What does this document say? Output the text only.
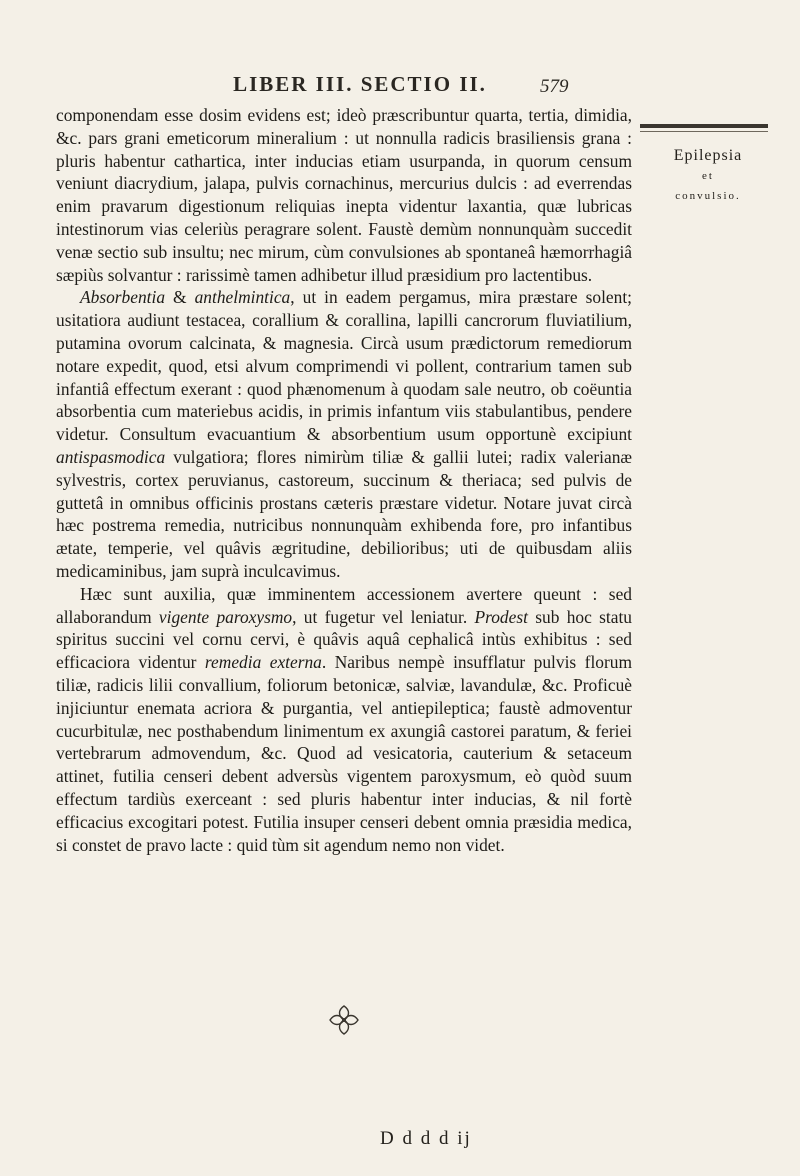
LIBER III. SECTIO II.	579
Epilepsia
et
convulsio.

componendam esse dosim evidens est; ideò præscribuntur quarta, tertia, dimidia, &c. pars grani emeticorum mineralium : ut nonnulla radicis brasiliensis grana : pluris habentur cathartica, inter inducias etiam usurpanda, in quorum censum veniunt diacrydium, jalapa, pulvis cornachinus, mercurius dulcis : ad everrendas enim pravarum digestionum reliquias inepta videntur laxantia, quæ lubricas intestinorum vias celeriùs peragrare solent. Faustè demùm nonnunquàm succedit venæ sectio sub insultu; nec mirum, cùm convulsiones ab spontaneâ hæmorrhagiâ sæpiùs solvantur : rarissimè tamen adhibetur illud præsidium pro lactentibus.

Absorbentia & anthelmintica, ut in eadem pergamus, mira præstare solent; usitatiora audiunt testacea, corallium & corallina, lapilli cancrorum fluviatilium, putamina ovorum calcinata, & magnesia. Circà usum prædictorum remediorum notare expedit, quod, etsi alvum comprimendi vi pollent, contrarium tamen sub infantiâ effectum exerant : quod phænomenum à quodam sale neutro, ob coëuntia absorbentia cum materiebus acidis, in primis infantum viis stabulantibus, pendere videtur. Consultum evacuantium & absorbentium usum opportunè excipiunt antispasmodica vulgatiora; flores nimirùm tiliæ & gallii lutei; radix valerianæ sylvestris, cortex peruvianus, castoreum, succinum & theriaca; sed pulvis de guttetâ in omnibus officinis prostans cæteris præstare videtur. Notare juvat circà hæc postrema remedia, nutricibus nonnunquàm exhibenda fore, pro infantibus ætate, temperie, vel quâvis ægritudine, debilioribus; uti de quibusdam aliis medicaminibus, jam suprà inculcavimus.

Hæc sunt auxilia, quæ imminentem accessionem avertere queunt : sed allaborandum vigente paroxysmo, ut fugetur vel leniatur. Prodest sub hoc statu spiritus succini vel cornu cervi, è quâvis aquâ cephalicâ intùs exhibitus : sed efficaciora videntur remedia externa. Naribus nempè insufflatur pulvis florum tiliæ, radicis lilii convallium, foliorum betonicæ, salviæ, lavandulæ, &c. Proficuè injiciuntur enemata acriora & purgantia, vel antiepileptica; faustè admoventur cucurbitulæ, nec posthabendum linimentum ex axungiâ castorei paratum, & feriei vertebrarum admovendum, &c. Quod ad vesicatoria, cauterium & setaceum attinet, futilia censeri debent adversùs vigentem paroxysmum, eò quòd suum effectum tardiùs exerceant : sed pluris habentur inter inducias, & nil fortè efficacius excogitari potest. Futilia insuper censeri debent omnia præsidia medica, si constet de pravo lacte : quid tùm sit agendum nemo non videt.

D d d d ij
